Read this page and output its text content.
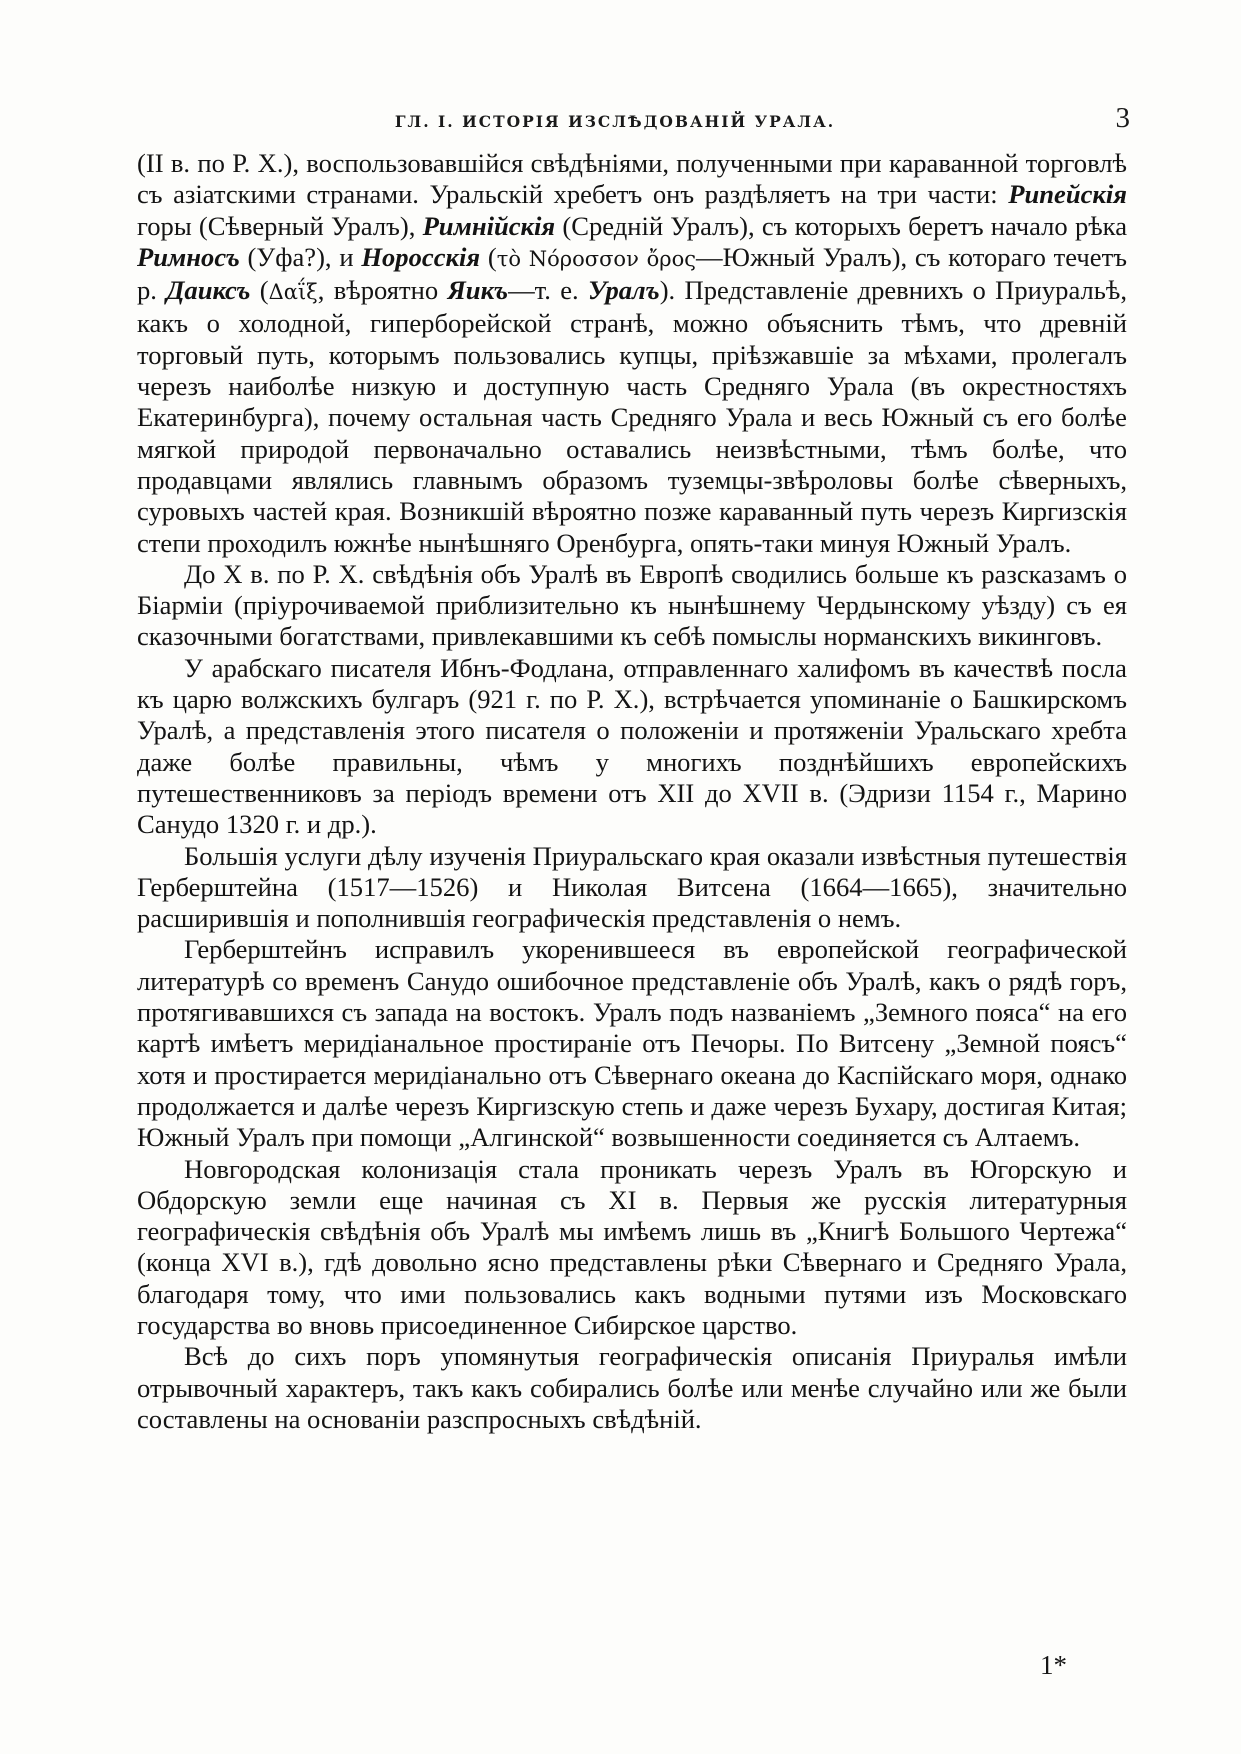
ГЛ. I. ИСТОРІЯ ИЗСЛѢДОВАНІЙ УРАЛА.	3

(II в. по Р. Х.), воспользовавшійся свѣдѣніями, полученными при караванной торговлѣ съ азіатскими странами. Уральскій хребетъ онъ раздѣляетъ на три части: Рипейскія горы (Сѣверный Уралъ), Римнійскія (Средній Уралъ), съ которыхъ беретъ начало рѣка Римносъ (Уфа?), и Норосскія (τὸ Νόροσσον ὄρος—Южный Уралъ), съ котораго течетъ р. Даиксъ (Δαΐξ, вѣроятно Яикъ—т. е. Уралъ). Представленіе древнихъ о Приуральѣ, какъ о холодной, гиперборейской странѣ, можно объяснить тѣмъ, что древній торговый путь, которымъ пользовались купцы, пріѣзжавшіе за мѣхами, пролегалъ черезъ наиболѣе низкую и доступную часть Средняго Урала (въ окрестностяхъ Екатеринбурга), почему остальная часть Средняго Урала и весь Южный съ его болѣе мягкой природой первоначально оставались неизвѣстными, тѣмъ болѣе, что продавцами являлись главнымъ образомъ туземцы-звѣроловы болѣе сѣверныхъ, суровыхъ частей края. Возникшій вѣроятно позже караванный путь черезъ Киргизскія степи проходилъ южнѣе нынѣшняго Оренбурга, опять-таки минуя Южный Уралъ.

До X в. по Р. Х. свѣдѣнія объ Уралѣ въ Европѣ сводились больше къ разсказамъ о Біарміи (пріурочиваемой приблизительно къ нынѣшнему Чердынскому уѣзду) съ ея сказочными богатствами, привлекавшими къ себѣ помыслы норманскихъ викинговъ.

У арабскаго писателя Ибнъ-Фодлана, отправленнаго халифомъ въ качествѣ посла къ царю волжскихъ булгаръ (921 г. по Р. Х.), встрѣчается упоминаніе о Башкирскомъ Уралѣ, а представленія этого писателя о положеніи и протяженіи Уральскаго хребта даже болѣе правильны, чѣмъ у многихъ позднѣйшихъ европейскихъ путешественниковъ за періодъ времени отъ XII до XVII в. (Эдризи 1154 г., Марино Санудо 1320 г. и др.).

Большія услуги дѣлу изученія Приуральскаго края оказали извѣстныя путешествія Герберштейна (1517—1526) и Николая Витсена (1664—1665), значительно расширившія и пополнившія географическія представленія о немъ.

Герберштейнъ исправилъ укоренившееся въ европейской географической литературѣ со временъ Санудо ошибочное представленіе объ Уралѣ, какъ о рядѣ горъ, протягивавшихся съ запада на востокъ. Уралъ подъ названіемъ „Земного пояса“ на его картѣ имѣетъ меридіанальное простираніе отъ Печоры. По Витсену „Земной поясъ“ хотя и простирается меридіанально отъ Сѣвернаго океана до Каспійскаго моря, однако продолжается и далѣе черезъ Киргизскую степь и даже черезъ Бухару, достигая Китая; Южный Уралъ при помощи „Алгинской“ возвышенности соединяется съ Алтаемъ.

Новгородская колонизація стала проникать черезъ Уралъ въ Югорскую и Обдорскую земли еще начиная съ XI в. Первыя же русскія литературныя географическія свѣдѣнія объ Уралѣ мы имѣемъ лишь въ „Книгѣ Большого Чертежа“ (конца XVI в.), гдѣ довольно ясно представлены рѣки Сѣвернаго и Средняго Урала, благодаря тому, что ими пользовались какъ водными путями изъ Московскаго государства во вновь присоединенное Сибирское царство.

Всѣ до сихъ поръ упомянутыя географическія описанія Приуралья имѣли отрывочный характеръ, такъ какъ собирались болѣе или менѣе случайно или же были составлены на основаніи разспросныхъ свѣдѣній.

1*
